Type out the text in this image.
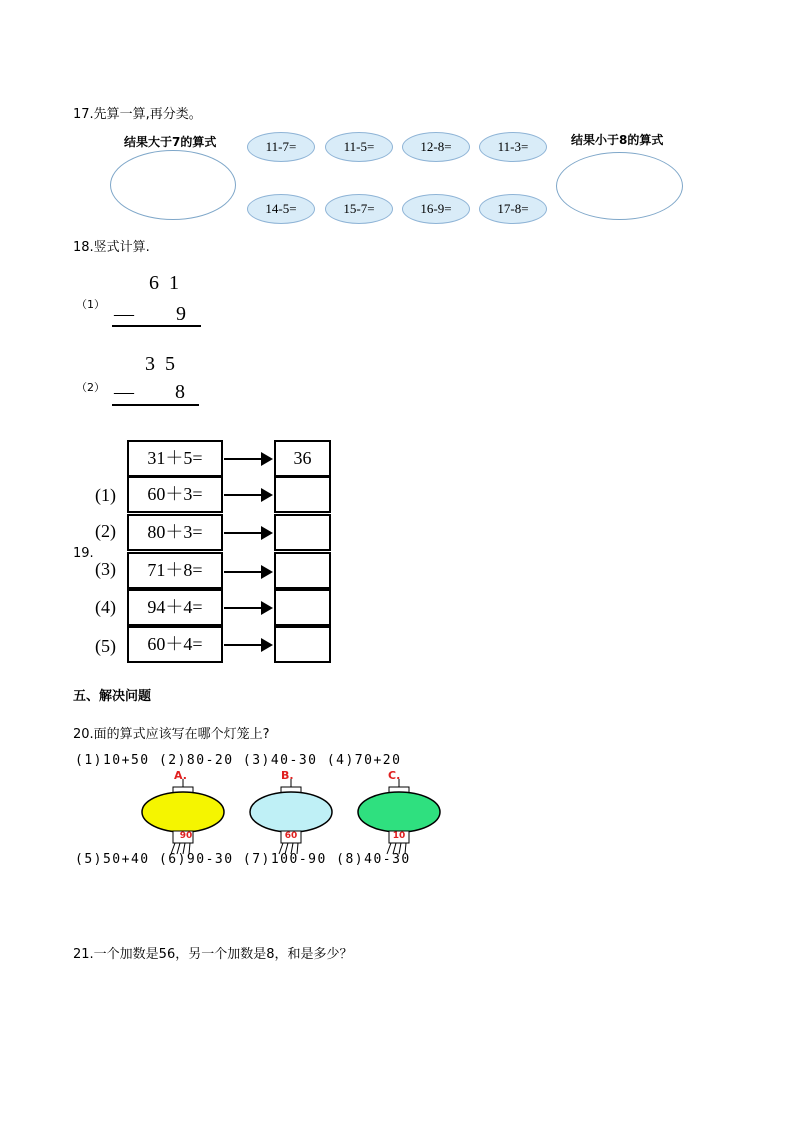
17.先算一算,再分类。
结果大于7的算式	结果小于8的算式
11-7=	11-5=	12-8=	11-3=
14-5=	15-7=	16-9=	17-8=
18.竖式计算.
（1）
6  1
— 9
（2）
3  5
— 8
19.
31＋5=	36
(1)	60＋3=
(2)	80＋3=
(3)	71＋8=
(4)	94＋4=
(5)	60＋4=
五、解决问题
20.面的算式应该写在哪个灯笼上?
(1)10+50 (2)80-20 (3)40-30 (4)70+20
A.
90
B.
60
C.
10
(5)50+40 (6)90-30 (7)100-90 (8)40-30
21.一个加数是56，另一个加数是8，和是多少？
